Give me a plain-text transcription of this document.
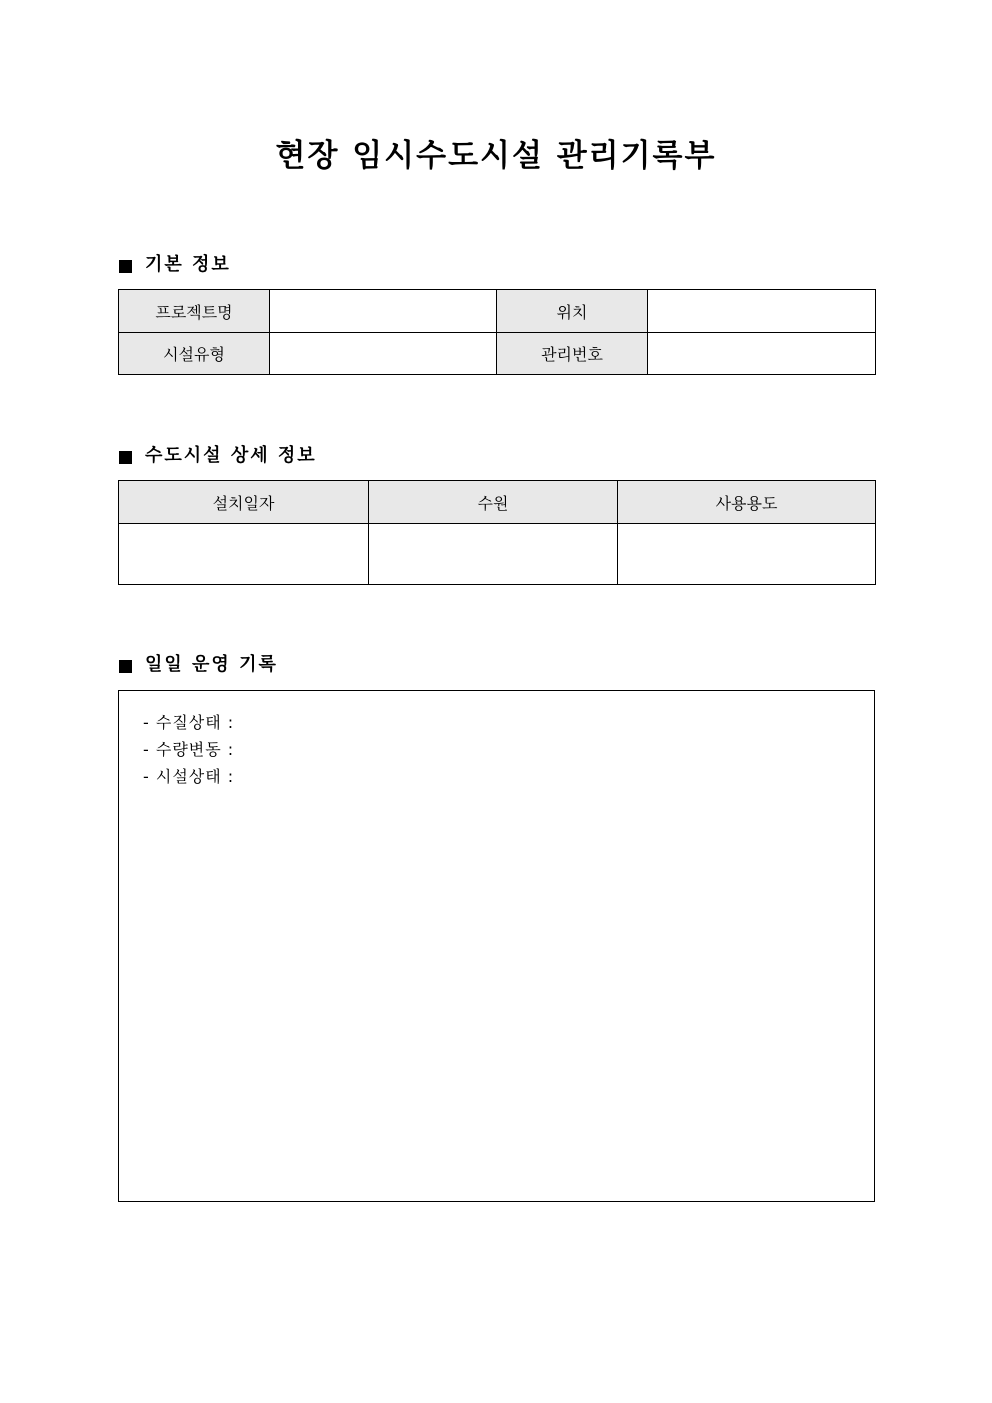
현장 임시수도시설 관리기록부
기본 정보
프로젝트명		위치	
시설유형		관리번호	
수도시설 상세 정보
설치일자	수원	사용용도

일일 운영 기록
- 수질상태 :
- 수량변동 :
- 시설상태 :
